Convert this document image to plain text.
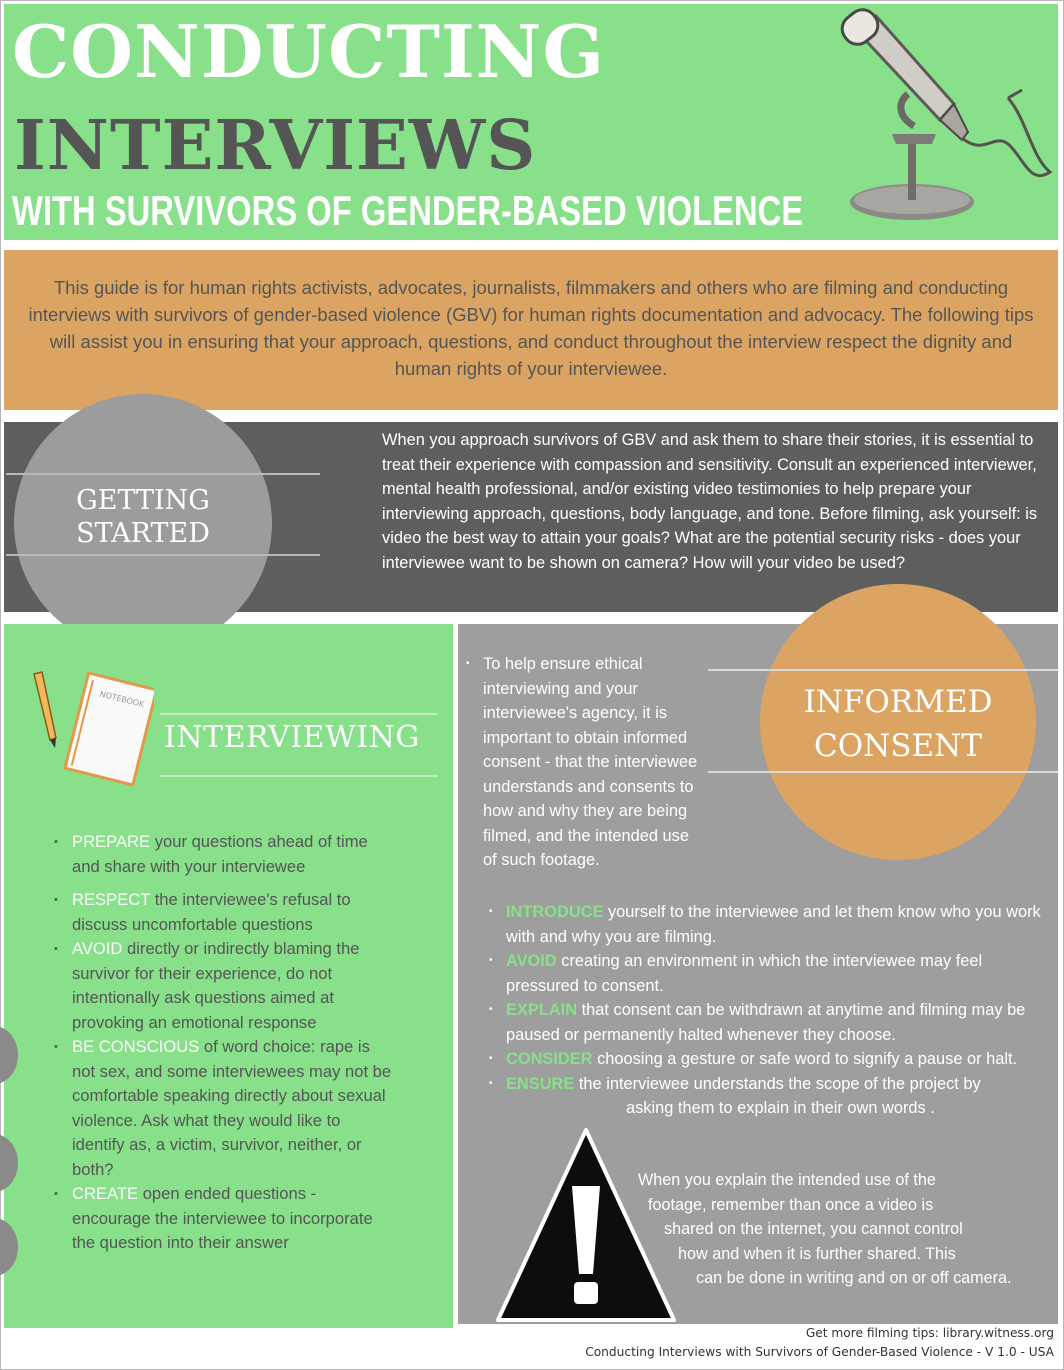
CONDUCTING
INTERVIEWS
WITH SURVIVORS OF GENDER-BASED VIOLENCE

This guide is for human rights activists, advocates, journalists, filmmakers and others who are filming and conducting interviews with survivors of gender-based violence (GBV) for human rights documentation and advocacy. The following tips will assist you in ensuring that your approach, questions, and conduct throughout the interview respect the dignity and human rights of your interviewee.

GETTING STARTED

When you approach survivors of GBV and ask them to share their stories, it is essential to treat their experience with compassion and sensitivity. Consult an experienced interviewer, mental health professional, and/or existing video testimonies to help prepare your interviewing approach, questions, body language, and tone. Before filming, ask yourself: is video the best way to attain your goals? What are the potential security risks - does your interviewee want to be shown on camera? How will your video be used?

NOTEBOOK
INTERVIEWING
• PREPARE your questions ahead of time and share with your interviewee
• RESPECT the interviewee's refusal to discuss uncomfortable questions
• AVOID directly or indirectly blaming the survivor for their experience, do not intentionally ask questions aimed at provoking an emotional response
• BE CONSCIOUS of word choice: rape is not sex, and some interviewees may not be comfortable speaking directly about sexual violence. Ask what they would like to identify as, a victim, survivor, neither, or both?
• CREATE open ended questions - encourage the interviewee to incorporate the question into their answer
INFORMED CONSENT
• To help ensure ethical interviewing and your interviewee's agency, it is important to obtain informed consent - that the interviewee understands and consents to how and why they are being filmed, and the intended use of such footage.
• INTRODUCE yourself to the interviewee and let them know who you work with and why you are filming.
• AVOID creating an environment in which the interviewee may feel pressured to consent.
• EXPLAIN that consent can be withdrawn at anytime and filming may be paused or permanently halted whenever they choose.
• CONSIDER choosing a gesture or safe word to signify a pause or halt.
• ENSURE the interviewee understands the scope of the project by
asking them to explain in their own words .
When you explain the intended use of the
footage, remember than once a video is
shared on the internet, you cannot control
how and when it is further shared. This
can be done in writing and on or off camera.
Get more filming tips: library.witness.org
Conducting Interviews with Survivors of Gender-Based Violence - V 1.0 - USA
